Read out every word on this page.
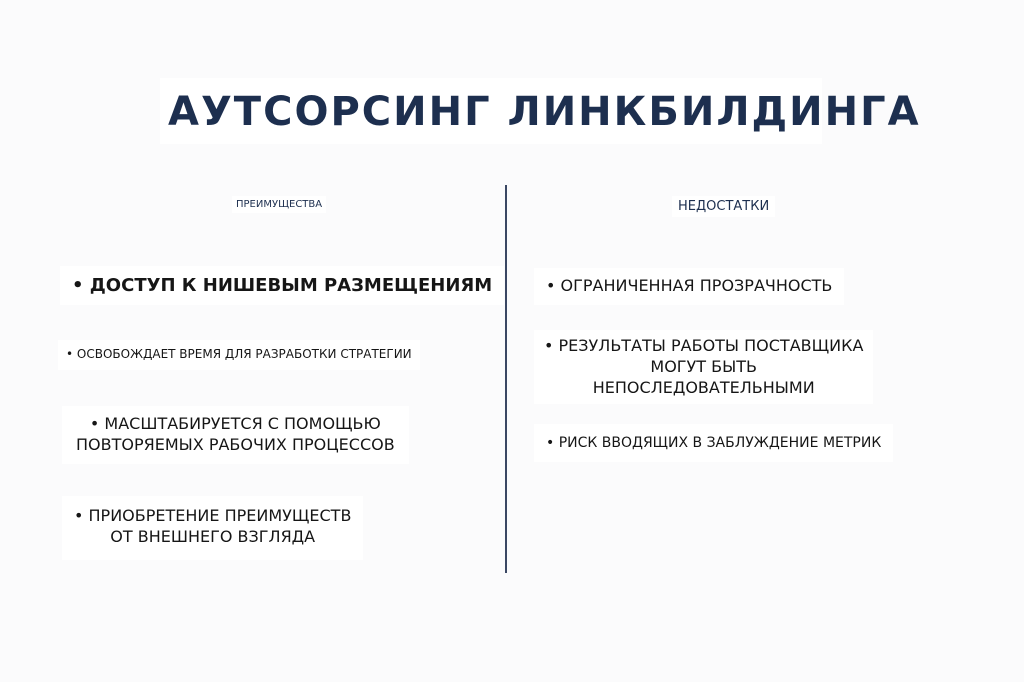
АУТСОРСИНГ ЛИНКБИЛДИНГА
ПРЕИМУЩЕСТВА	НЕДОСТАТКИ
• ДОСТУП К НИШЕВЫМ РАЗМЕЩЕНИЯМ
• ОСВОБОЖДАЕТ ВРЕМЯ ДЛЯ РАЗРАБОТКИ СТРАТЕГИИ
• МАСШТАБИРУЕТСЯ С ПОМОЩЬЮ
ПОВТОРЯЕМЫХ РАБОЧИХ ПРОЦЕССОВ
• ПРИОБРЕТЕНИЕ ПРЕИМУЩЕСТВ
ОТ ВНЕШНЕГО ВЗГЛЯДА
• ОГРАНИЧЕННАЯ ПРОЗРАЧНОСТЬ
• РЕЗУЛЬТАТЫ РАБОТЫ ПОСТАВЩИКА
МОГУТ БЫТЬ
НЕПОСЛЕДОВАТЕЛЬНЫМИ
• РИСК ВВОДЯЩИХ В ЗАБЛУЖДЕНИЕ МЕТРИК
